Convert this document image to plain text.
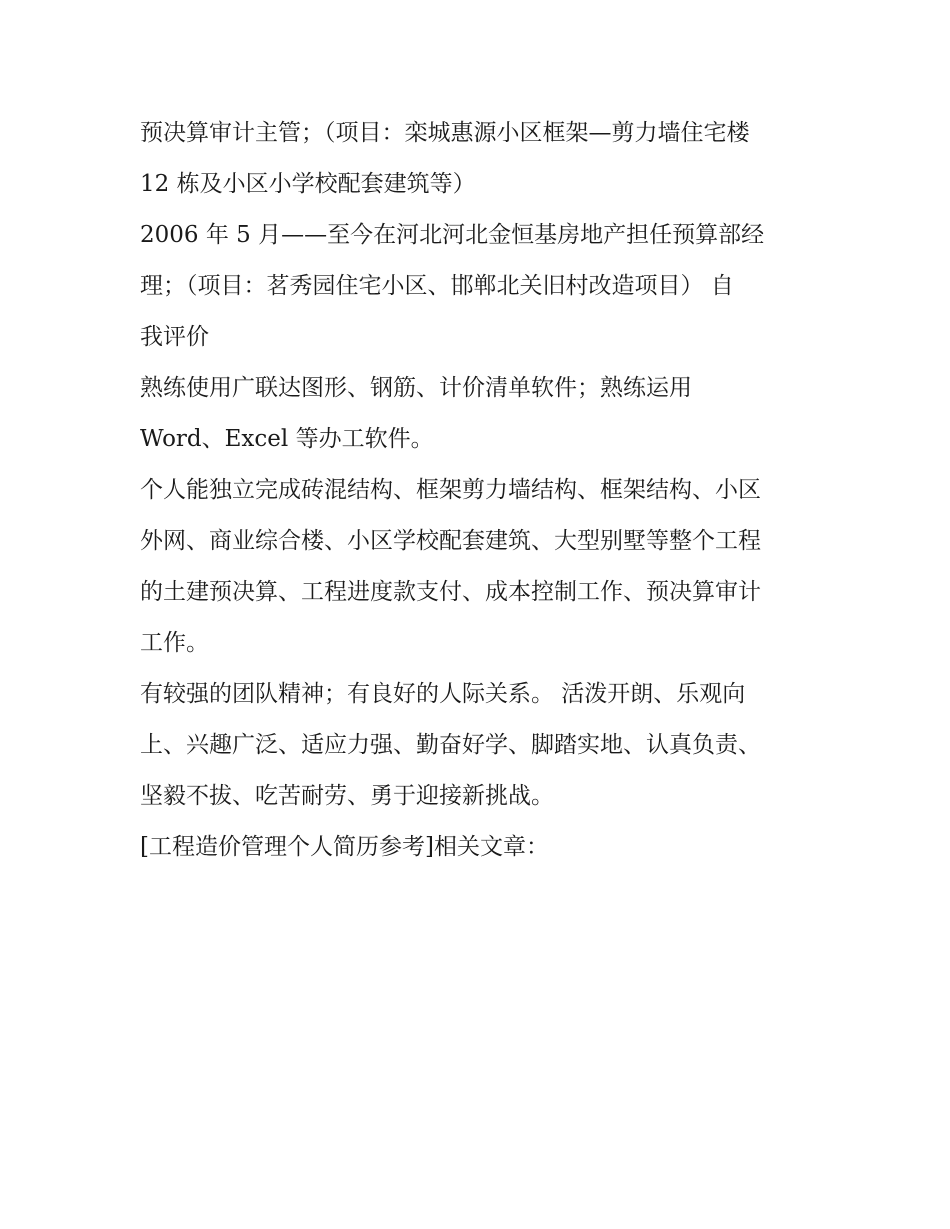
预决算审计主管；（项目：栾城惠源小区框架—剪力墙住宅楼
12 栋及小区小学校配套建筑等）
2006 年 5 月——至今在河北河北金恒基房地产担任预算部经
理；（项目：茗秀园住宅小区、邯郸北关旧村改造项目） 自
我评价
熟练使用广联达图形、钢筋、计价清单软件；熟练运用
Word、Excel 等办工软件。
个人能独立完成砖混结构、框架剪力墙结构、框架结构、小区
外网、商业综合楼、小区学校配套建筑、大型别墅等整个工程
的土建预决算、工程进度款支付、成本控制工作、预决算审计
工作。
有较强的团队精神；有良好的人际关系。 活泼开朗、乐观向
上、兴趣广泛、适应力强、勤奋好学、脚踏实地、认真负责、
坚毅不拔、吃苦耐劳、勇于迎接新挑战。
[工程造价管理个人简历参考]相关文章：
